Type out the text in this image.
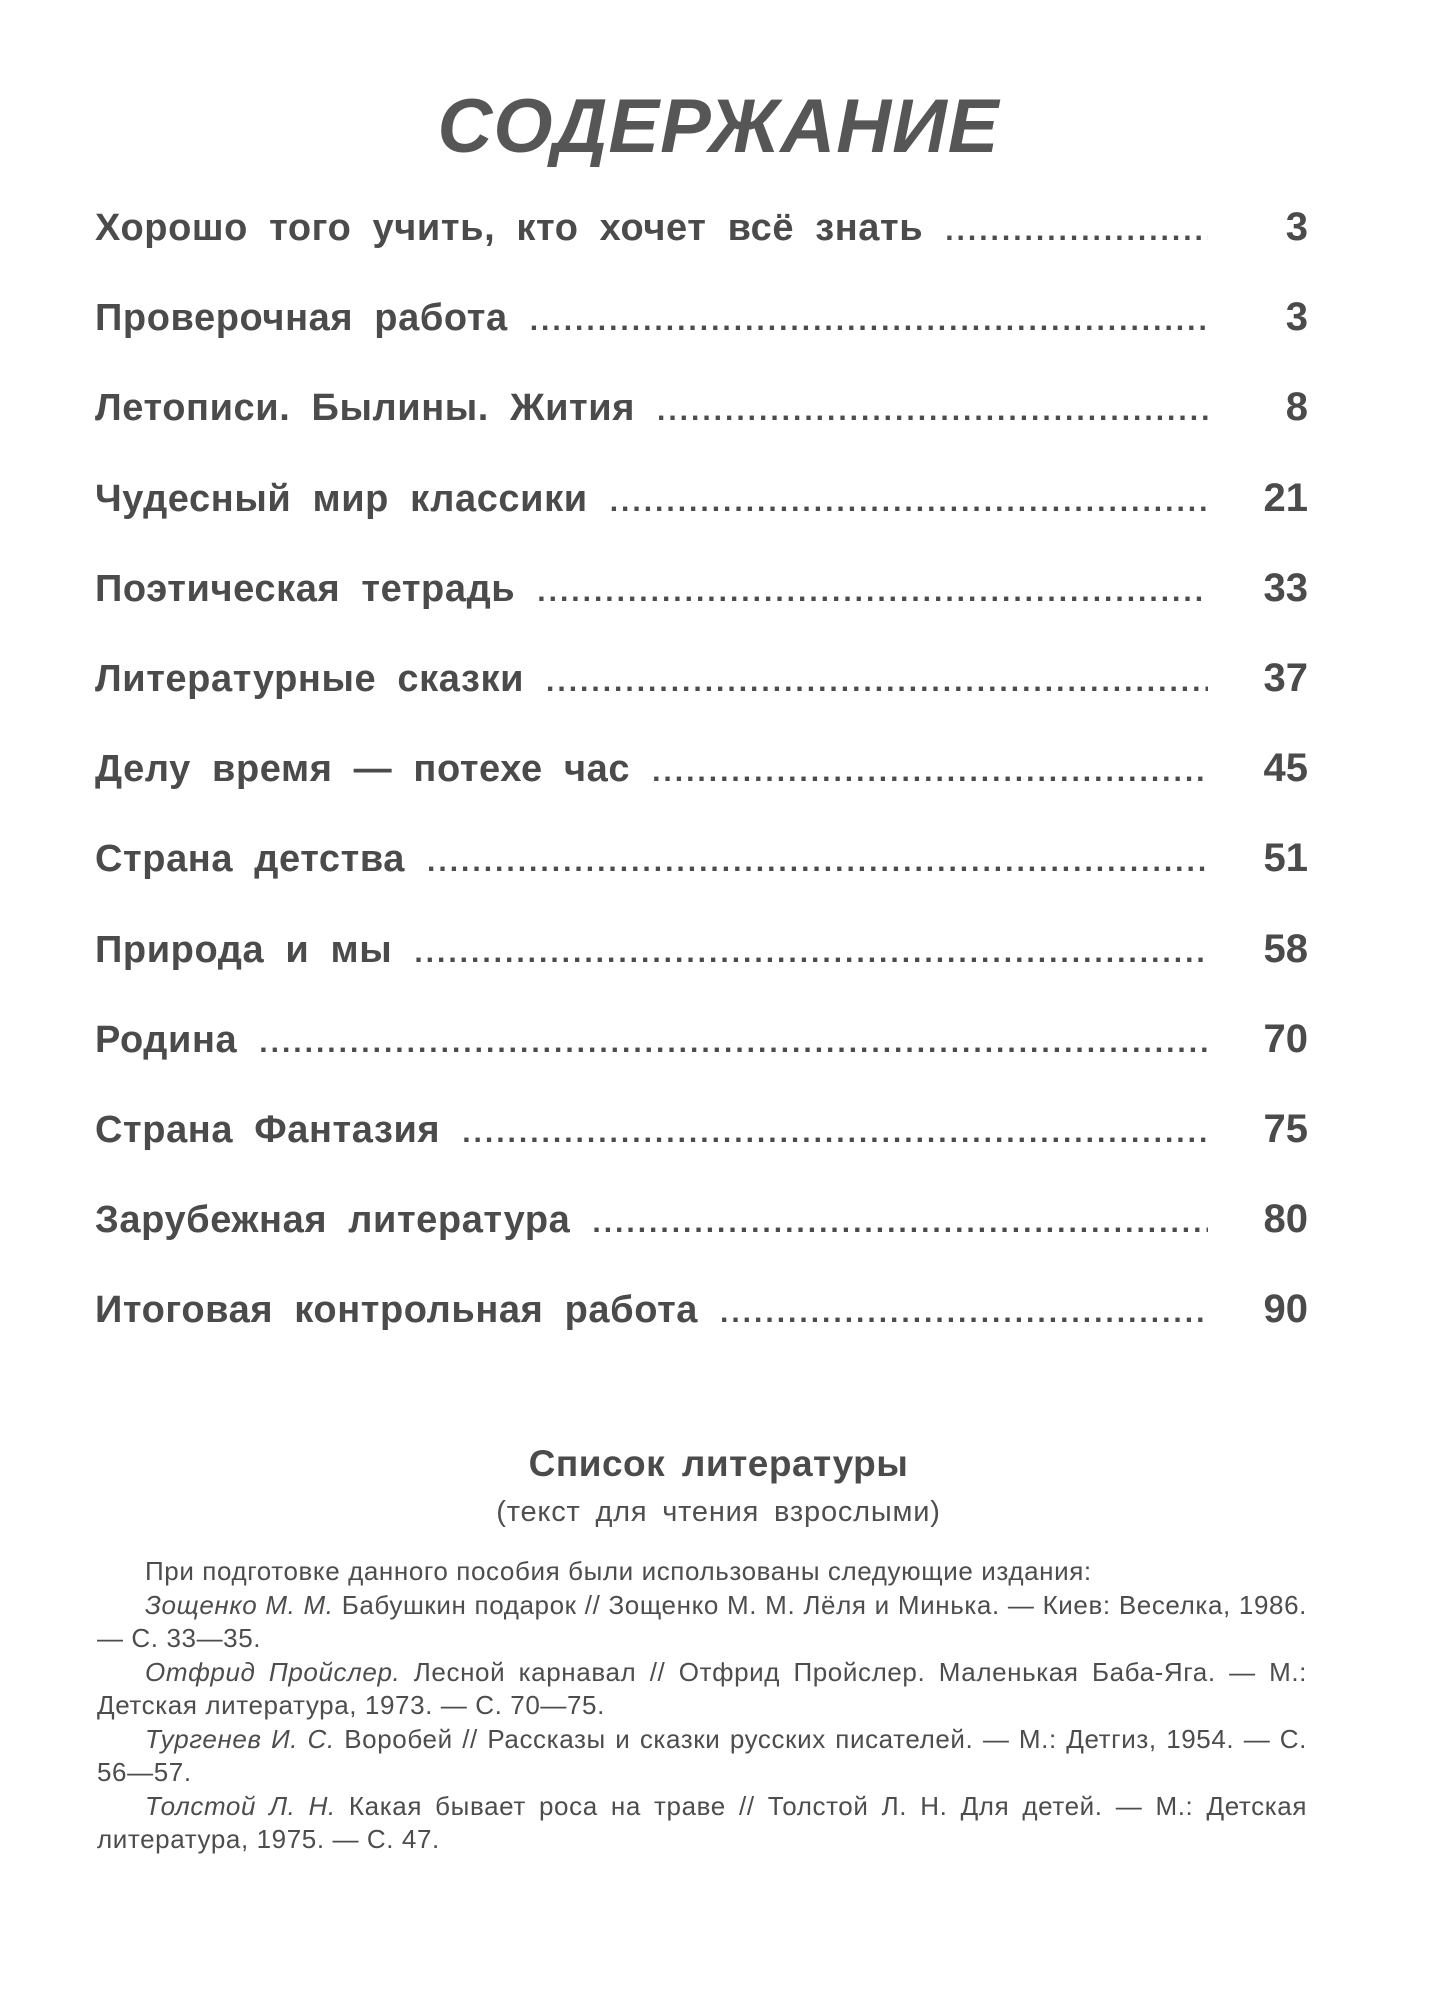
СОДЕРЖАНИЕ
Хорошо того учить, кто хочет всё знать .....	3
Проверочная работа .....	3
Летописи. Былины. Жития .....	8
Чудесный мир классики .....	21
Поэтическая тетрадь .....	33
Литературные сказки .....	37
Делу время — потехе час .....	45
Страна детства .....	51
Природа и мы .....	58
Родина .....	70
Страна Фантазия .....	75
Зарубежная литература .....	80
Итоговая контрольная работа .....	90
Список литературы
(текст для чтения взрослыми)

При подготовке данного пособия были использованы следующие издания:

Зощенко М. М. Бабушкин подарок // Зощенко М. М. Лёля и Минька. — Киев: Веселка, 1986. — С. 33—35.

Отфрид Пройслер. Лесной карнавал // Отфрид Пройслер. Маленькая Баба-Яга. — М.: Детская литература, 1973. — С. 70—75.

Тургенев И. С. Воробей // Рассказы и сказки русских писателей. — М.: Детгиз, 1954. — С. 56—57.

Толстой Л. Н. Какая бывает роса на траве // Толстой Л. Н. Для детей. — М.: Детская литература, 1975. — С. 47.
